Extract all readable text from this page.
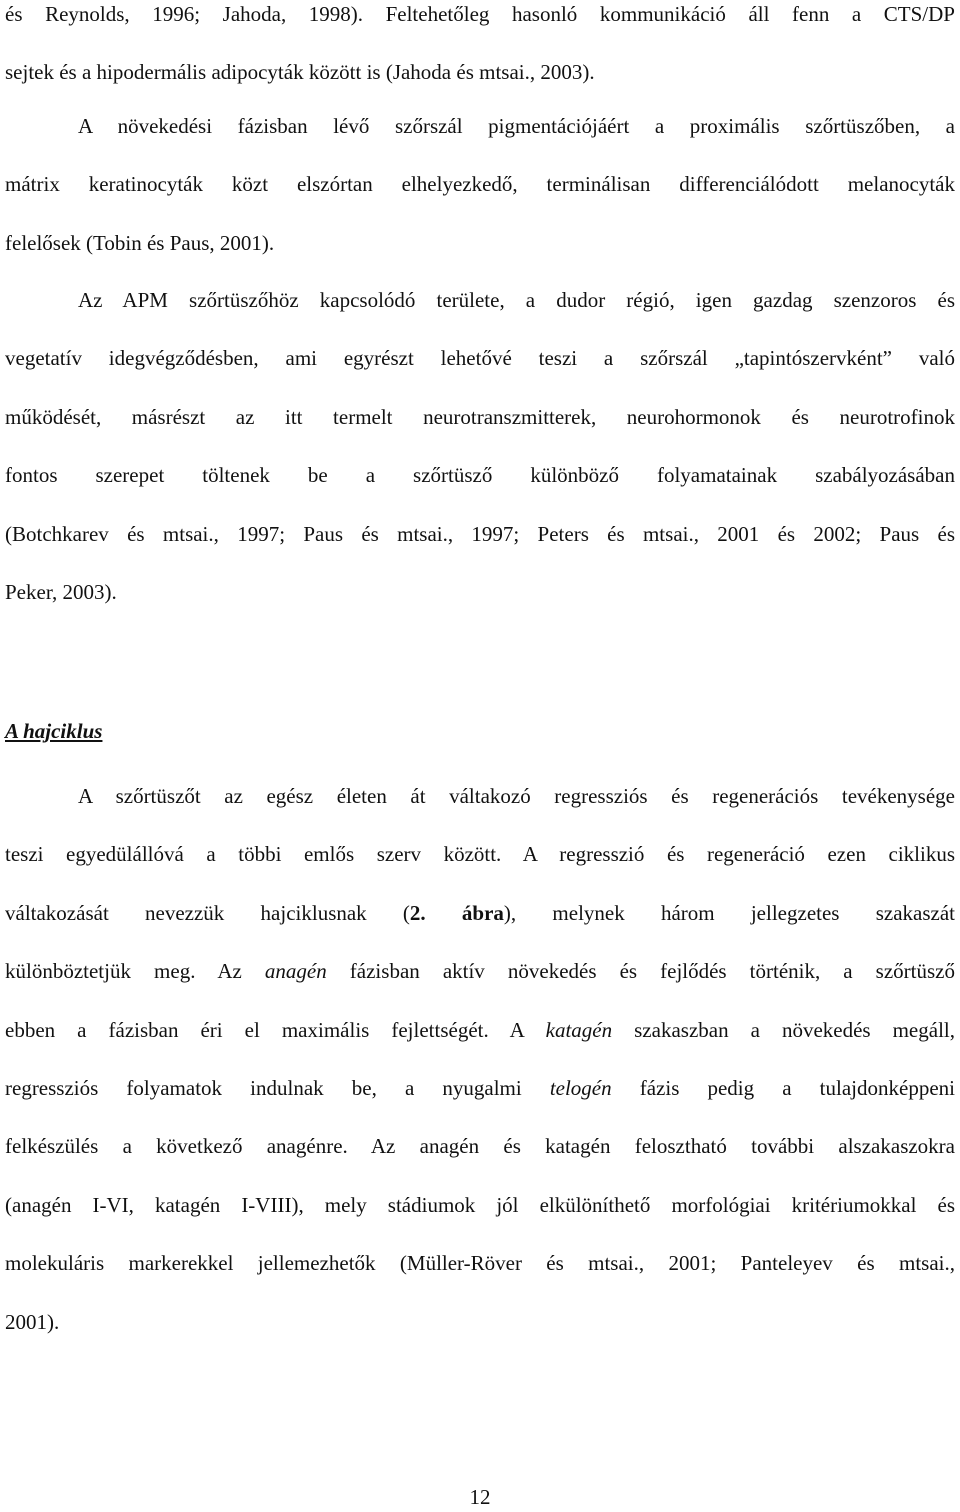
és Reynolds, 1996; Jahoda, 1998). Feltehetőleg hasonló kommunikáció áll fenn a CTS/DP
sejtek és a hipodermális adipocyták között is (Jahoda és mtsai., 2003).

A növekedési fázisban lévő szőrszál pigmentációjáért a proximális szőrtüszőben, a
mátrix keratinocyták közt elszórtan elhelyezkedő, terminálisan differenciálódott melanocyták
felelősek (Tobin és Paus, 2001).

Az APM szőrtüszőhöz kapcsolódó területe, a dudor régió, igen gazdag szenzoros és
vegetatív idegvégződésben, ami egyrészt lehetővé teszi a szőrszál „tapintószervként” való
működését, másrészt az itt termelt neurotranszmitterek, neurohormonok és neurotrofinok
fontos szerepet töltenek be a szőrtüsző különböző folyamatainak szabályozásában
(Botchkarev és mtsai., 1997; Paus és mtsai., 1997; Peters és mtsai., 2001 és 2002; Paus és
Peker, 2003).

A hajciklus

A szőrtüszőt az egész életen át váltakozó regressziós és regenerációs tevékenysége
teszi egyedülállóvá a többi emlős szerv között. A regresszió és regeneráció ezen ciklikus
váltakozását nevezzük hajciklusnak (2. ábra), melynek három jellegzetes szakaszát
különböztetjük meg. Az anagén fázisban aktív növekedés és fejlődés történik, a szőrtüsző
ebben a fázisban éri el maximális fejlettségét. A katagén szakaszban a növekedés megáll,
regressziós folyamatok indulnak be, a nyugalmi telogén fázis pedig a tulajdonképpeni
felkészülés a következő anagénre. Az anagén és katagén felosztható további alszakaszokra
(anagén I-VI, katagén I-VIII), mely stádiumok jól elkülöníthető morfológiai kritériumokkal és
molekuláris markerekkel jellemezhetők (Müller-Röver és mtsai., 2001; Panteleyev és mtsai.,
2001).

12
